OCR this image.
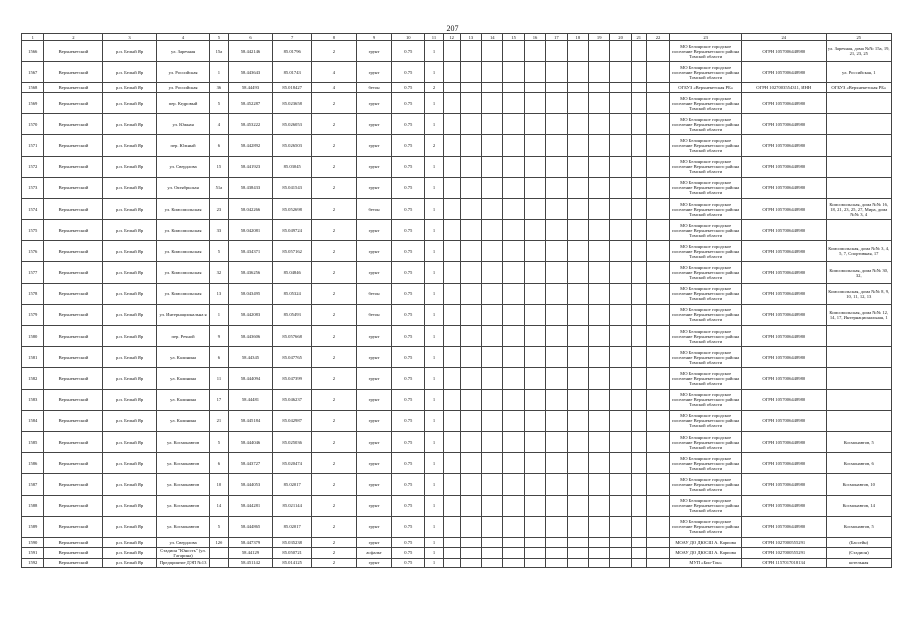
207
1	2	3	4	5	6	7	8	9	10	11	12	13	14	15	16	17	18	19	20	21	22	23	24	25
1566	Верхнекетский	р.п. Белый Яр	ул. Заречная	15а	58.442146	85.01796	2	грунт	0.75	1												МО Белоярское городское поселение Верхнекетского района Томской области	ОГРН 1057006448980	ул. Заречная, дома №№ 15а, 19, 21, 23, 25
1567	Верхнекетский	р.п. Белый Яр	ул. Российская	1	58.443643	85.01743	4	грунт	0.75	1												МО Белоярское городское поселение Верхнекетского района Томской области	ОГРН 1057006448980	ул. Российская, 1
1568	Верхнекетский	р.п. Белый Яр	ул. Российская	36	58.44493	85.018427	4	бетон	0.75	2												ОГБУЗ «Верхнекетская РБ»	ОГРН 1027003554311, ИНН	ОГБУЗ «Верхнекетская РБ»
1569	Верхнекетский	р.п. Белый Яр	пер. Кедровый	5	58.452287	85.023658	2	грунт	0.75	1												МО Белоярское городское поселение Верхнекетского района Томской области	ОГРН 1057006448980	
1570	Верхнекетский	р.п. Белый Яр	ул. Южная	4	58.453222	85.026053	2	грунт	0.75	1												МО Белоярское городское поселение Верхнекетского района Томской области	ОГРН 1057006448980	
1571	Верхнекетский	р.п. Белый Яр	пер. Южный	6	58.442892	85.026503	2	грунт	0.75	2												МО Белоярское городское поселение Верхнекетского района Томской области	ОГРН 1057006448980	
1572	Верхнекетский	р.п. Белый Яр	ул. Свердлова	15	58.441923	85.03045	2	грунт	0.75	1												МО Белоярское городское поселение Верхнекетского района Томской области	ОГРН 1057006448980	
1573	Верхнекетский	р.п. Белый Яр	ул. Октябрьская	51а	58.438433	85.041543	2	грунт	0.75	1												МО Белоярское городское поселение Верхнекетского района Томской области	ОГРН 1057006448980	
1574	Верхнекетский	р.п. Белый Яр	ул. Комсомольская	23	58.042266	85.052698	2	бетон	0.75	1												МО Белоярское городское поселение Верхнекетского района Томской области	ОГРН 1057006448980	Комсомольская, дома №№ 16, 18, 21, 23, 25, 27, Мира, дома №№ 3, 4
1575	Верхнекетский	р.п. Белый Яр	ул. Комсомольская	33	58.042081	85.049724	2	грунт	0.75	1												МО Белоярское городское поселение Верхнекетского района Томской области	ОГРН 1057006448980	
1576	Верхнекетский	р.п. Белый Яр	ул. Комсомольская	5	58.434371	85.057162	2	грунт	0.75	1												МО Белоярское городское поселение Верхнекетского района Томской области	ОГРН 1057006448980	Комсомольская, дома №№ 3, 4, 5, 7, Спортивная, 17
1577	Верхнекетский	р.п. Белый Яр	ул. Комсомольская	32	58.436256	85.04846	2	грунт	0.75	1												МО Белоярское городское поселение Верхнекетского района Томской области	ОГРН 1057006448980	Комсомольская, дома №№ 30, 32,
1578	Верхнекетский	р.п. Белый Яр	ул. Комсомольская	13	58.043495	85.05324	2	бетон	0.75	1												МО Белоярское городское поселение Верхнекетского района Томской области	ОГРН 1057006448980	Комсомольская, дома №№ 8, 9, 10, 11, 12, 13
1579	Верхнекетский	р.п. Белый Яр	ул. Интернациональна я	1	58.442083	85.05493	2	бетон	0.75	1												МО Белоярское городское поселение Верхнекетского района Томской области	ОГРН 1057006448980	Комсомольская, дома №№ 12, 14, 17, Интернациональная, 1
1580	Верхнекетский	р.п. Белый Яр	пер. Речной	9	58.443606	85.057668	2	грунт	0.75	1												МО Белоярское городское поселение Верхнекетского района Томской области	ОГРН 1057006448980	
1581	Верхнекетский	р.п. Белый Яр	ул. Калинина	6	58.44345	85.047765	2	грунт	0.75	1												МО Белоярское городское поселение Верхнекетского района Томской области	ОГРН 1057006448980	
1582	Верхнекетский	р.п. Белый Яр	ул. Калинина	11	58.444094	85.047399	2	грунт	0.75	1												МО Белоярское городское поселение Верхнекетского района Томской области	ОГРН 1057006448980	
1583	Верхнекетский	р.п. Белый Яр	ул. Калинина	17	58.44481	85.046237	2	грунт	0.75	1												МО Белоярское городское поселение Верхнекетского района Томской области	ОГРН 1057006448980	
1584	Верхнекетский	р.п. Белый Яр	ул. Калинина	21	58.445184	85.042987	2	грунт	0.75	1												МО Белоярское городское поселение Верхнекетского района Томской области	ОГРН 1057006448980	
1585	Верхнекетский	р.п. Белый Яр	ул. Космонавтов	5	58.444046	85.025036	2	грунт	0.75	1												МО Белоярское городское поселение Верхнекетского района Томской области	ОГРН 1057006448980	Космонавтов, 5
1586	Верхнекетский	р.п. Белый Яр	ул. Космонавтов	6	58.443727	85.020474	2	грунт	0.75	1												МО Белоярское городское поселение Верхнекетского района Томской области	ОГРН 1057006448980	Космонавтов, 6
1587	Верхнекетский	р.п. Белый Яр	ул. Космонавтов	10	58.444053	85.02017	2	грунт	0.75	1												МО Белоярское городское поселение Верхнекетского района Томской области	ОГРН 1057006448980	Космонавтов, 10
1588	Верхнекетский	р.п. Белый Яр	ул. Космонавтов	14	58.444281	85.021144	2	грунт	0.75	1												МО Белоярское городское поселение Верхнекетского района Томской области	ОГРН 1057006448980	Космонавтов, 14
1589	Верхнекетский	р.п. Белый Яр	ул. Космонавтов	5	58.444865	85.02017	2	грунт	0.75	1												МО Белоярское городское поселение Верхнекетского района Томской области	ОГРН 1057006448980	Космонавтов, 5
1590	Верхнекетский	р.п. Белый Яр	ул. Свердлова	12б	58.447379	85.035238	2	грунт	0.75	1												МОАУ ДО ДЮСШ А. Карпова	ОГРН 1027000555291	(Бассейн)
1591	Верхнекетский	р.п. Белый Яр	Стадион "Юность" (ул. Гагарина)		58.44129	85.050721	2	асфальт	0.75	1												МОАУ ДО ДЮСШ А. Карпова	ОГРН 1027000555291	(Стадион)
1592	Верхнекетский	р.п. Белый Яр	Предприятие ДЭП №13		58.451142	85.014125	2	грунт	0.75	1												МУП «Био-Тон»	ОГРН 1157017018134	котельная
